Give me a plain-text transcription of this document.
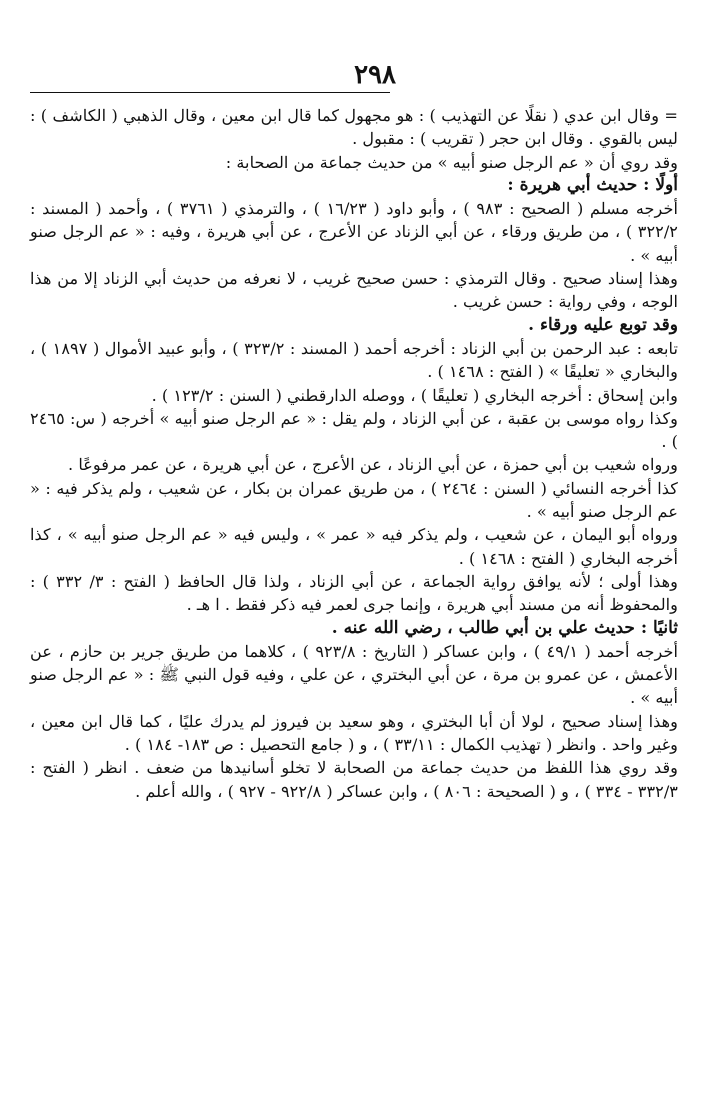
٢٩٨

= وقال ابن عدي ( نقلًا عن التهذيب ) : هو مجهول كما قال ابن معين ، وقال الذهبي ( الكاشف ) : ليس بالقوي . وقال ابن حجر ( تقريب ) : مقبول .

وقد روي أن « عم الرجل صنو أبيه » من حديث جماعة من الصحابة :

أولًا : حديث أبي هريرة :

أخرجه مسلم ( الصحيح : ٩٨٣ ) ، وأبو داود ( ١٦/٢٣ ) ، والترمذي ( ٣٧٦١ ) ، وأحمد ( المسند : ٣٢٢/٢ ) ، من طريق ورقاء ، عن أبي الزناد عن الأعرج ، عن أبي هريرة ، وفيه : « عم الرجل صنو أبيه » .

وهذا إسناد صحيح . وقال الترمذي : حسن صحيح غريب ، لا نعرفه من حديث أبي الزناد إلا من هذا الوجه ، وفي رواية : حسن غريب .

وقد توبع عليه ورقاء .

تابعه : عبد الرحمن بن أبي الزناد : أخرجه أحمد ( المسند : ٣٢٣/٢ ) ، وأبو عبيد الأموال ( ١٨٩٧ ) ، والبخاري « تعليقًا » ( الفتح : ١٤٦٨ ) .

وابن إسحاق : أخرجه البخاري ( تعليقًا ) ، ووصله الدارقطني ( السنن : ١٢٣/٢ ) .

وكذا رواه موسى بن عقبة ، عن أبي الزناد ، ولم يقل : « عم الرجل صنو أبيه » أخرجه ( س: ٢٤٦٥ ) .

ورواه شعيب بن أبي حمزة ، عن أبي الزناد ، عن الأعرج ، عن أبي هريرة ، عن عمر مرفوعًا .

كذا أخرجه النسائي ( السنن : ٢٤٦٤ ) ، من طريق عمران بن بكار ، عن شعيب ، ولم يذكر فيه : « عم الرجل صنو أبيه » .

ورواه أبو اليمان ، عن شعيب ، ولم يذكر فيه « عمر » ، وليس فيه « عم الرجل صنو أبيه » ، كذا أخرجه البخاري ( الفتح : ١٤٦٨ ) .

وهذا أولى ؛ لأنه يوافق رواية الجماعة ، عن أبي الزناد ، ولذا قال الحافظ ( الفتح : ٣/ ٣٣٢ ) : والمحفوظ أنه من مسند أبي هريرة ، وإنما جرى لعمر فيه ذكر فقط . ا هـ .

ثانيًا : حديث علي بن أبي طالب ، رضي الله عنه .

أخرجه أحمد ( ٤٩/١ ) ، وابن عساكر ( التاريخ : ٩٢٣/٨ ) ، كلاهما من طريق جرير بن حازم ، عن الأعمش ، عن عمرو بن مرة ، عن أبي البختري ، عن علي ، وفيه قول النبي ﷺ : « عم الرجل صنو أبيه » .

وهذا إسناد صحيح ، لولا أن أبا البختري ، وهو سعيد بن فيروز لم يدرك عليًا ، كما قال ابن معين ، وغير واحد . وانظر ( تهذيب الكمال : ٣٣/١١ ) ، و ( جامع التحصيل : ص ١٨٣- ١٨٤ ) .

وقد روي هذا اللفظ من حديث جماعة من الصحابة لا تخلو أسانيدها من ضعف . انظر ( الفتح : ٣٣٢/٣ - ٣٣٤ ) ، و ( الصحيحة : ٨٠٦ ) ، وابن عساكر ( ٩٢٢/٨ - ٩٢٧ ) ، والله أعلم .
